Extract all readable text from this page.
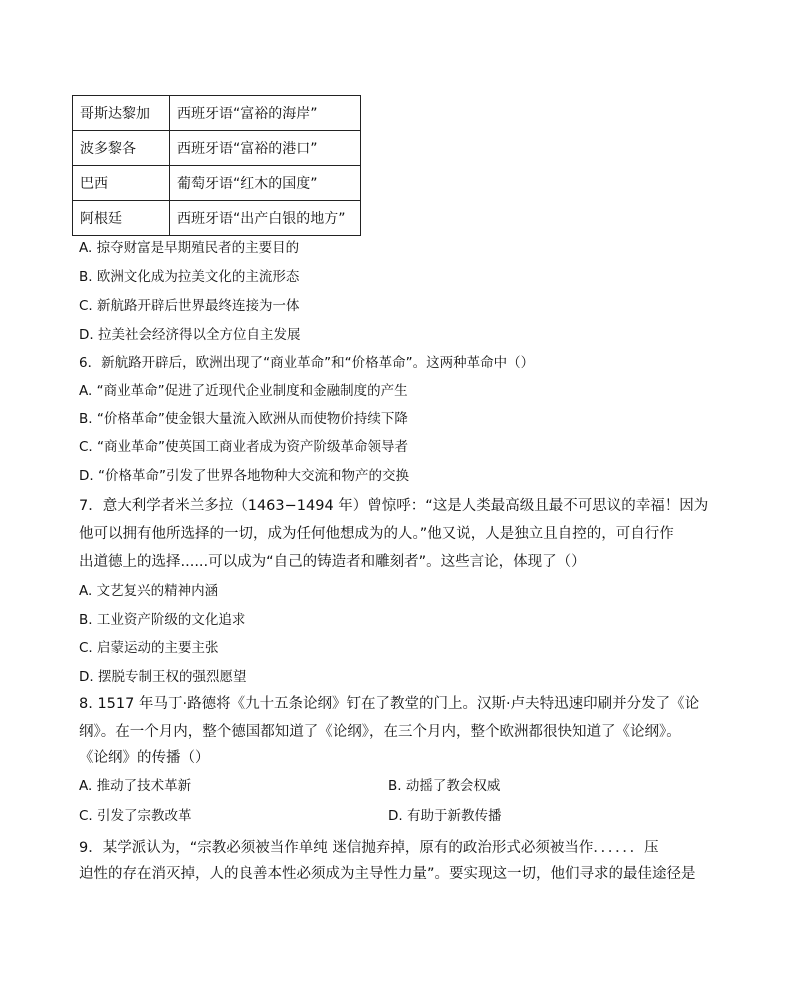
哥斯达黎加	西班牙语“富裕的海岸”
波多黎各	西班牙语“富裕的港口”
巴西	葡萄牙语“红木的国度”
阿根廷	西班牙语“出产白银的地方”
A. 掠夺财富是早期殖民者的主要目的
B. 欧洲文化成为拉美文化的主流形态
C. 新航路开辟后世界最终连接为一体
D. 拉美社会经济得以全方位自主发展
6．新航路开辟后，欧洲出现了“商业革命”和“价格革命”。这两种革命中（）
A. “商业革命”促进了近现代企业制度和金融制度的产生
B. “价格革命”使金银大量流入欧洲从而使物价持续下降
C. “商业革命”使英国工商业者成为资产阶级革命领导者
D. “价格革命”引发了世界各地物种大交流和物产的交换
7．意大利学者米兰多拉（1463−1494 年）曾惊呼：“这是人类最高级且最不可思议的幸福！因为
他可以拥有他所选择的一切，成为任何他想成为的人。”他又说，人是独立且自控的，可自行作
出道德上的选择......可以成为“自己的铸造者和雕刻者”。这些言论，体现了（）
A. 文艺复兴的精神内涵
B. 工业资产阶级的文化追求
C. 启蒙运动的主要主张
D. 摆脱专制王权的强烈愿望
8. 1517 年马丁·路德将《九十五条论纲》钉在了教堂的门上。汉斯·卢夫特迅速印刷并分发了《论
纲》。在一个月内，整个德国都知道了《论纲》，在三个月内，整个欧洲都很快知道了《论纲》。
《论纲》的传播（）
A. 推动了技术革新	B. 动摇了教会权威
C. 引发了宗教改革	D. 有助于新教传播
9．某学派认为，“宗教必须被当作单纯 迷信抛弃掉，原有的政治形式必须被当作．．．．．．压
迫性的存在消灭掉，人的良善本性必须成为主导性力量”。要实现这一切，他们寻求的最佳途径是
